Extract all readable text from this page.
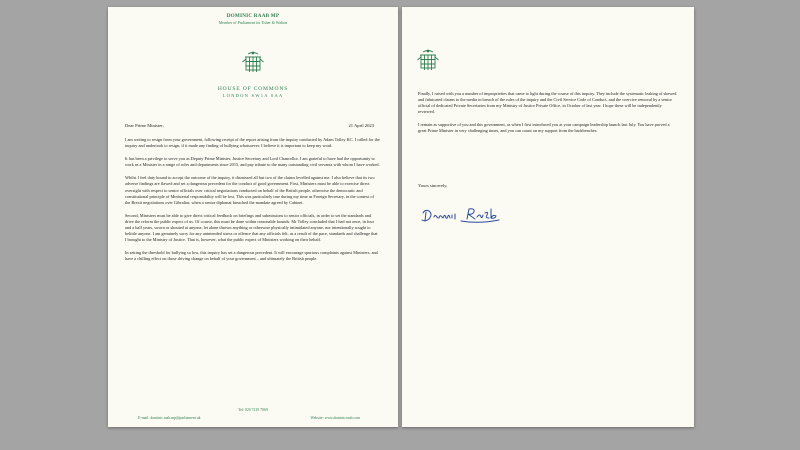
DOMINIC RAAB MP
Member of Parliament for Esher & Walton
HOUSE OF COMMONS
LONDON SW1A 0AA
21 April 2023
Dear Prime Minister,

I am writing to resign from your government, following receipt of the report arising from the inquiry conducted by Adam Tolley KC. I called for the inquiry and undertook to resign, if it made any finding of bullying whatsoever. I believe it is important to keep my word.

It has been a privilege to serve you as Deputy Prime Minister, Justice Secretary and Lord Chancellor. I am grateful to have had the opportunity to work as a Minister in a range of roles and departments since 2015, and pay tribute to the many outstanding civil servants with whom I have worked.

Whilst I feel duty bound to accept the outcome of the inquiry, it dismissed all but two of the claims levelled against me. I also believe that its two adverse findings are flawed and set a dangerous precedent for the conduct of good government. First, Ministers must be able to exercise direct oversight with respect to senior officials over critical negotiations conducted on behalf of the British people, otherwise the democratic and constitutional principle of Ministerial responsibility will be lost. This was particularly true during my time as Foreign Secretary, in the context of the Brexit negotiations over Gibraltar, when a senior diplomat breached the mandate agreed by Cabinet.

Second, Ministers must be able to give direct critical feedback on briefings and submissions to senior officials, in order to set the standards and drive the reform the public expect of us. Of course, this must be done within reasonable bounds. Mr Tolley concluded that I had not once, in four and a half years, sworn or shouted at anyone, let alone thrown anything or otherwise physically intimidated anyone, nor intentionally sought to belittle anyone. I am genuinely sorry for any unintended stress or offence that any officials felt, as a result of the pace, standards and challenge that I brought to the Ministry of Justice. That is, however, what the public expect of Ministers working on their behalf.

In setting the threshold for bullying so low, this inquiry has set a dangerous precedent. It will encourage spurious complaints against Ministers, and have a chilling effect on those driving change on behalf of your government – and ultimately the British people.

Tel: 020 7219 7069
E-mail: dominic.raab.mp@parliament.uk	Website: www.dominicraab.com

Finally, I raised with you a number of improprieties that came to light during the course of this inquiry. They include the systematic leaking of skewed and fabricated claims to the media in breach of the rules of the inquiry and the Civil Service Code of Conduct, and the coercive removal by a senior official of dedicated Private Secretaries from my Ministry of Justice Private Office, in October of last year. I hope these will be independently reviewed.

I remain as supportive of you and this government, as when I first introduced you at your campaign leadership launch last July. You have proved a great Prime Minister in very challenging times, and you can count on my support from the backbenches.

Yours sincerely,
